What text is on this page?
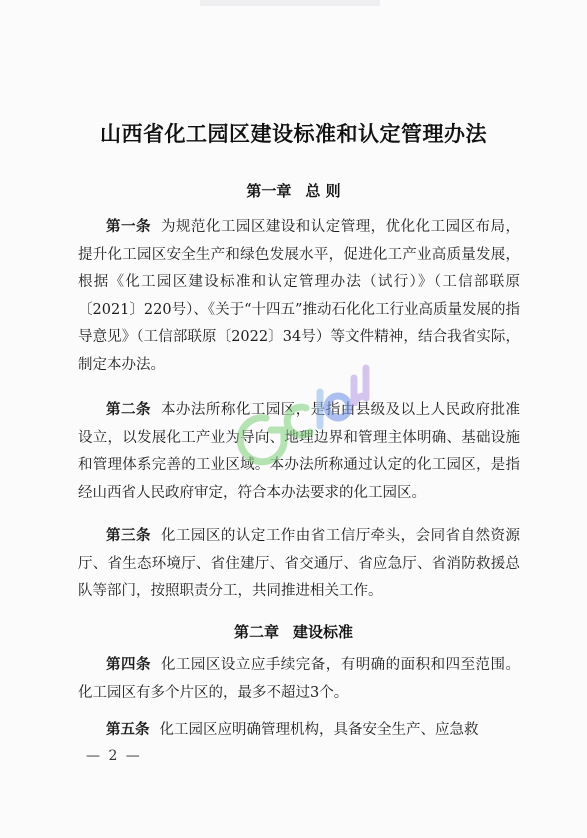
山西省化工园区建设标准和认定管理办法
第一章 总 则
第一条 为规范化工园区建设和认定管理，优化化工园区布局，提升化工园区安全生产和绿色发展水平，促进化工产业高质量发展，根据《化工园区建设标准和认定管理办法（试行）》（工信部联原〔2021〕220号）、《关于“十四五”推动石化化工行业高质量发展的指导意见》（工信部联原〔2022〕34号）等文件精神，结合我省实际，制定本办法。
第二条 本办法所称化工园区，是指由县级及以上人民政府批准设立，以发展化工产业为导向、地理边界和管理主体明确、基础设施和管理体系完善的工业区域。本办法所称通过认定的化工园区，是指经山西省人民政府审定，符合本办法要求的化工园区。
第三条 化工园区的认定工作由省工信厅牵头，会同省自然资源厅、省生态环境厅、省住建厅、省交通厅、省应急厅、省消防救援总队等部门，按照职责分工，共同推进相关工作。
第二章 建设标准
第四条 化工园区设立应手续完备，有明确的面积和四至范围。化工园区有多个片区的，最多不超过3个。
第五条 化工园区应明确管理机构，具备安全生产、应急救
— 2 —
